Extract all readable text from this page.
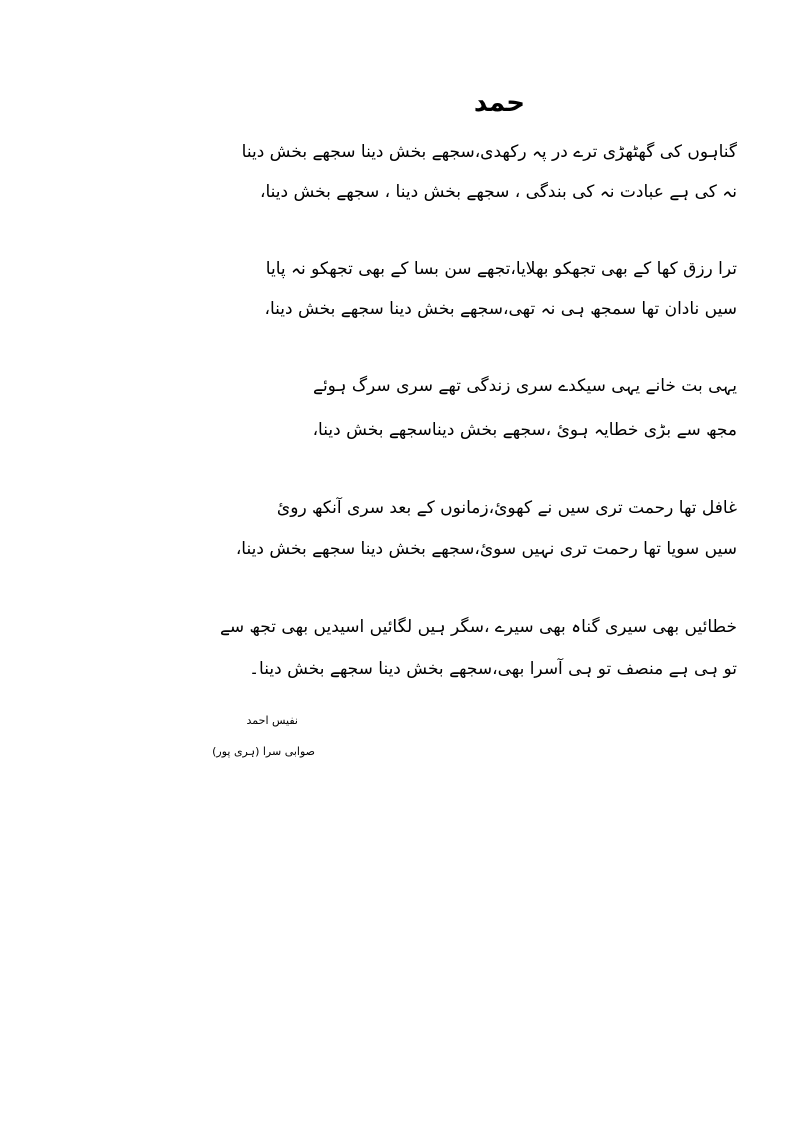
حمد
گناہوں کی گھٹھڑی ترے در پہ رکھدی،سجھے بخش دینا سجھے بخش دینا
نہ کی ہے عبادت نہ کی بندگی ، سجھے بخش دینا ، سجھے بخش دینا،
ترا رزق کھا کے بھی تجھکو بھلایا،تجھے سن بسا کے بھی تجھکو نہ پایا
سیں نادان تھا سمجھ ہی نہ تھی،سجھے بخش دینا سجھے بخش دینا،
یہی بت خانے یہی سیکدے سری زندگی تھے سری سرگ ہوئے
مجھ سے بڑی خطایہ ہوئ ،سجھے بخش دیناسجھے بخش دینا،
غافل تھا رحمت تری سیں نے کھوئ،زمانوں کے بعد سری آنکھ روئ
سیں سویا تھا رحمت تری نہیں سوئ،سجھے بخش دینا سجھے بخش دینا،
خطائیں بھی سیری گناہ بھی سیرے ،سگر ہیں لگائیں اسیدیں بھی تجھ سے
تو ہی ہے منصف تو ہی آسرا بھی،سجھے بخش دینا سجھے بخش دینا۔
نفیس احمد
صوابی سرا (ہری پور)
